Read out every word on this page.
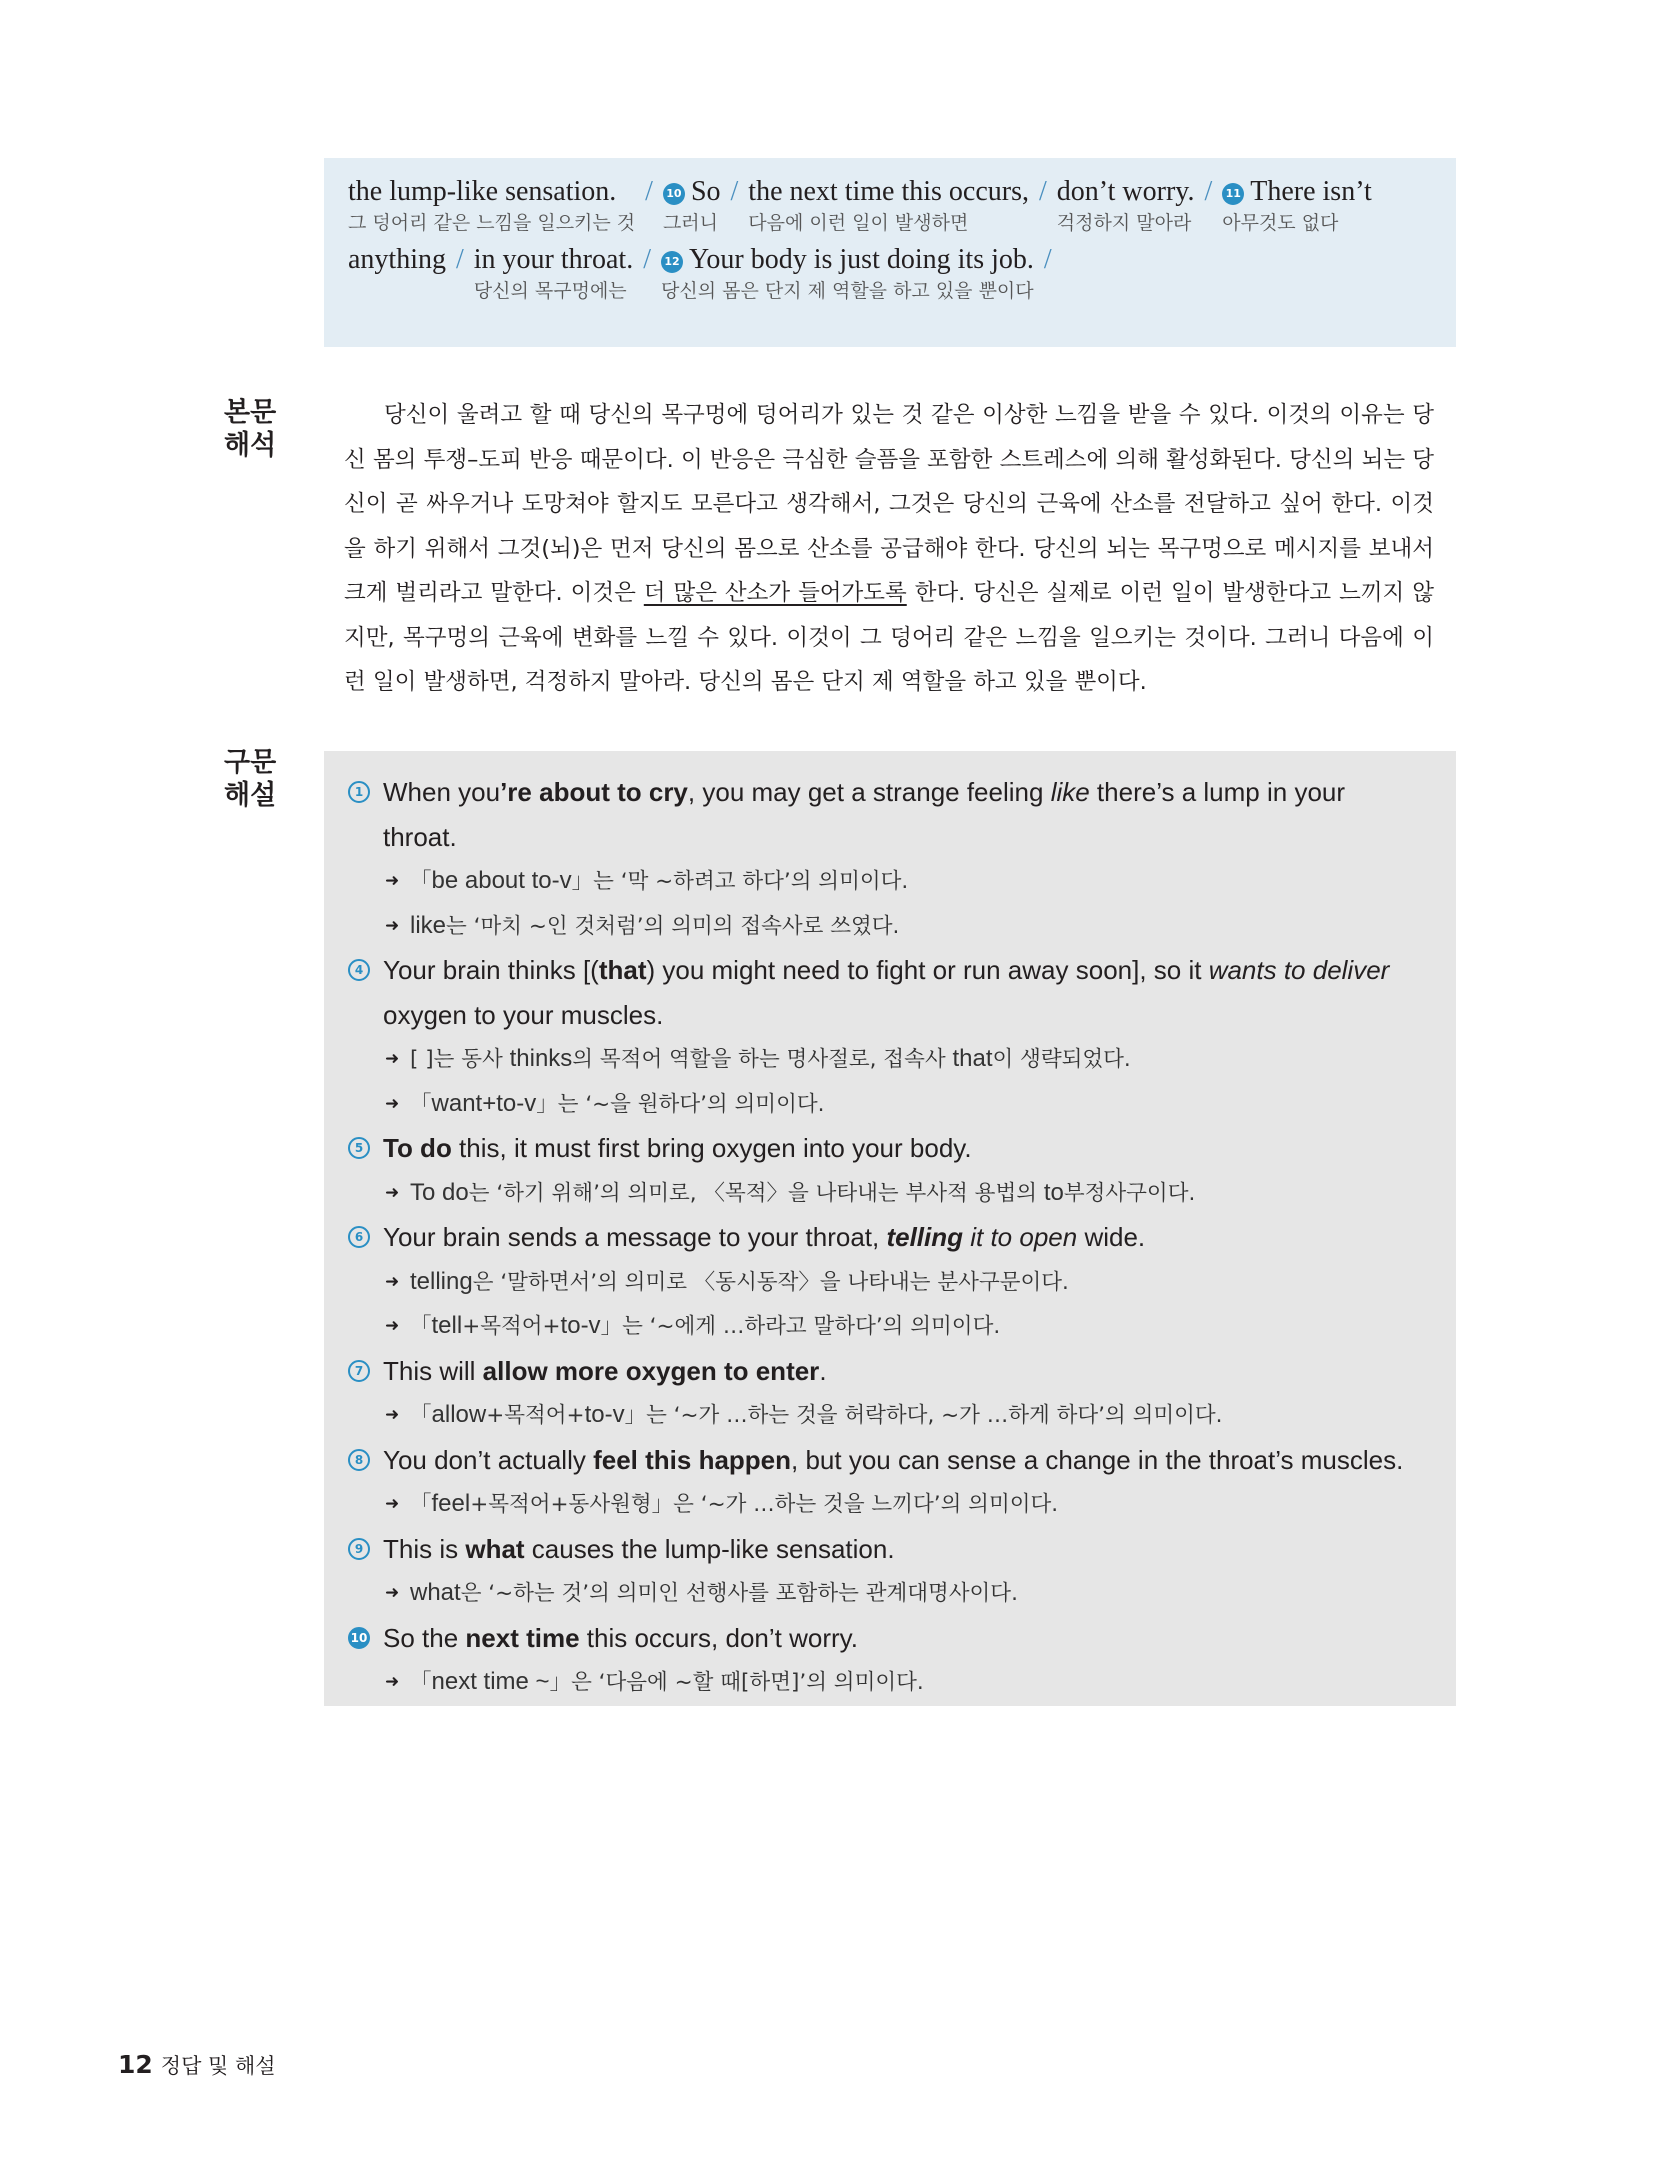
the lump-like sensation.
그 덩어리 같은 느낌을 일으키는 것
/	10 So
그러니
/ the next time this occurs,
다음에 이런 일이 발생하면
/ don’t worry.
걱정하지 말아라
/	11 There isn’t
아무것도 없다
anything / in your throat.
당신의 목구멍에는
/	12 Your body is just doing its job.
당신의 몸은 단지 제 역할을 하고 있을 뿐이다
/
본문
해석

당신이 울려고 할 때 당신의 목구멍에 덩어리가 있는 것 같은 이상한 느낌을 받을 수 있다. 이것의 이유는 당신 몸의 투쟁–도피 반응 때문이다. 이 반응은 극심한 슬픔을 포함한 스트레스에 의해 활성화된다. 당신의 뇌는 당신이 곧 싸우거나 도망쳐야 할지도 모른다고 생각해서, 그것은 당신의 근육에 산소를 전달하고 싶어 한다. 이것을 하기 위해서 그것(뇌)은 먼저 당신의 몸으로 산소를 공급해야 한다. 당신의 뇌는 목구멍으로 메시지를 보내서 크게 벌리라고 말한다. 이것은 더 많은 산소가 들어가도록 한다. 당신은 실제로 이런 일이 발생한다고 느끼지 않지만, 목구멍의 근육에 변화를 느낄 수 있다. 이것이 그 덩어리 같은 느낌을 일으키는 것이다. 그러니 다음에 이런 일이 발생하면, 걱정하지 말아라. 당신의 몸은 단지 제 역할을 하고 있을 뿐이다.

구문
해설	1 When you’re about to cry, you may get a strange feeling like there’s a lump in your
throat.
➜ 「be about to-v」는 ‘막 ~하려고 하다’의 의미이다.
➜ like는 ‘마치 ~인 것처럼’의 의미의 접속사로 쓰였다.
4 Your brain thinks [(that) you might need to fight or run away soon], so it wants to deliver
oxygen to your muscles.
➜ [ ]는 동사 thinks의 목적어 역할을 하는 명사절로, 접속사 that이 생략되었다.
➜ 「want+to-v」는 ‘~을 원하다’의 의미이다.
5 To do this, it must first bring oxygen into your body.
➜ To do는 ‘하기 위해’의 의미로, 〈목적〉을 나타내는 부사적 용법의 to부정사구이다.
6 Your brain sends a message to your throat, telling it to open wide.
➜ telling은 ‘말하면서’의 의미로 〈동시동작〉을 나타내는 분사구문이다.
➜ 「tell+목적어+to-v」는 ‘~에게 …하라고 말하다’의 의미이다.
7 This will allow more oxygen to enter.
➜ 「allow+목적어+to-v」는 ‘~가 …하는 것을 허락하다, ~가 …하게 하다’의 의미이다.
8 You don’t actually feel this happen, but you can sense a change in the throat’s muscles.
➜ 「feel+목적어+동사원형」은 ‘~가 …하는 것을 느끼다’의 의미이다.
9 This is what causes the lump-like sensation.
➜ what은 ‘~하는 것’의 의미인 선행사를 포함하는 관계대명사이다.
10 So the next time this occurs, don’t worry.
➜ 「next time ~」은 ‘다음에 ~할 때[하면]’의 의미이다.
12 정답 및 해설
